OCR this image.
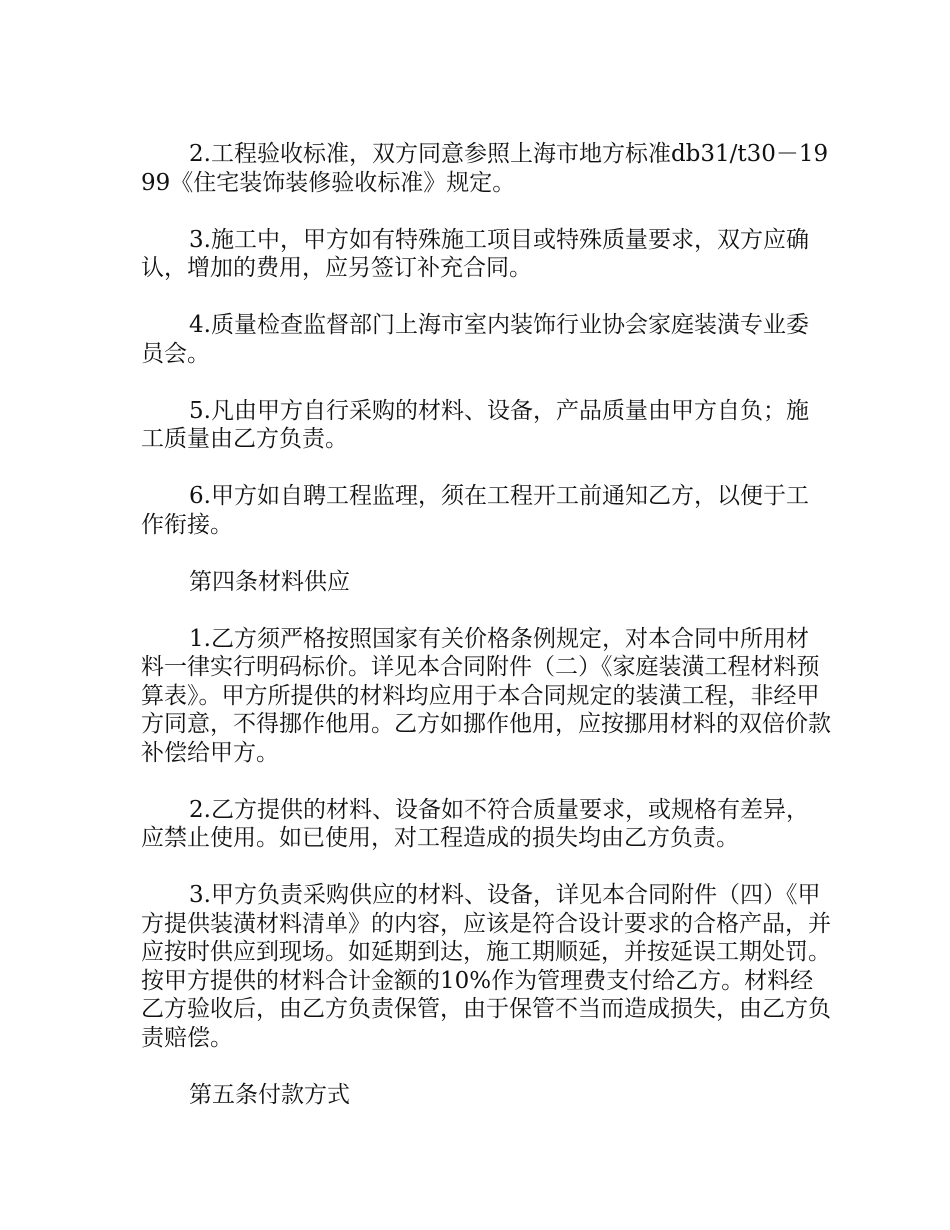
2.工程验收标准，双方同意参照上海市地方标准db31/t30－1999《住宅装饰装修验收标准》规定。

3.施工中，甲方如有特殊施工项目或特殊质量要求，双方应确认，增加的费用，应另签订补充合同。

4.质量检查监督部门上海市室内装饰行业协会家庭装潢专业委员会。

5.凡由甲方自行采购的材料、设备，产品质量由甲方自负；施工质量由乙方负责。

6.甲方如自聘工程监理，须在工程开工前通知乙方，以便于工作衔接。

第四条材料供应

1.乙方须严格按照国家有关价格条例规定，对本合同中所用材料一律实行明码标价。详见本合同附件（二）《家庭装潢工程材料预算表》。甲方所提供的材料均应用于本合同规定的装潢工程，非经甲方同意，不得挪作他用。乙方如挪作他用，应按挪用材料的双倍价款补偿给甲方。

2.乙方提供的材料、设备如不符合质量要求，或规格有差异，应禁止使用。如已使用，对工程造成的损失均由乙方负责。

3.甲方负责采购供应的材料、设备，详见本合同附件（四）《甲方提供装潢材料清单》的内容，应该是符合设计要求的合格产品，并应按时供应到现场。如延期到达，施工期顺延，并按延误工期处罚。按甲方提供的材料合计金额的10%作为管理费支付给乙方。材料经乙方验收后，由乙方负责保管，由于保管不当而造成损失，由乙方负责赔偿。

第五条付款方式
